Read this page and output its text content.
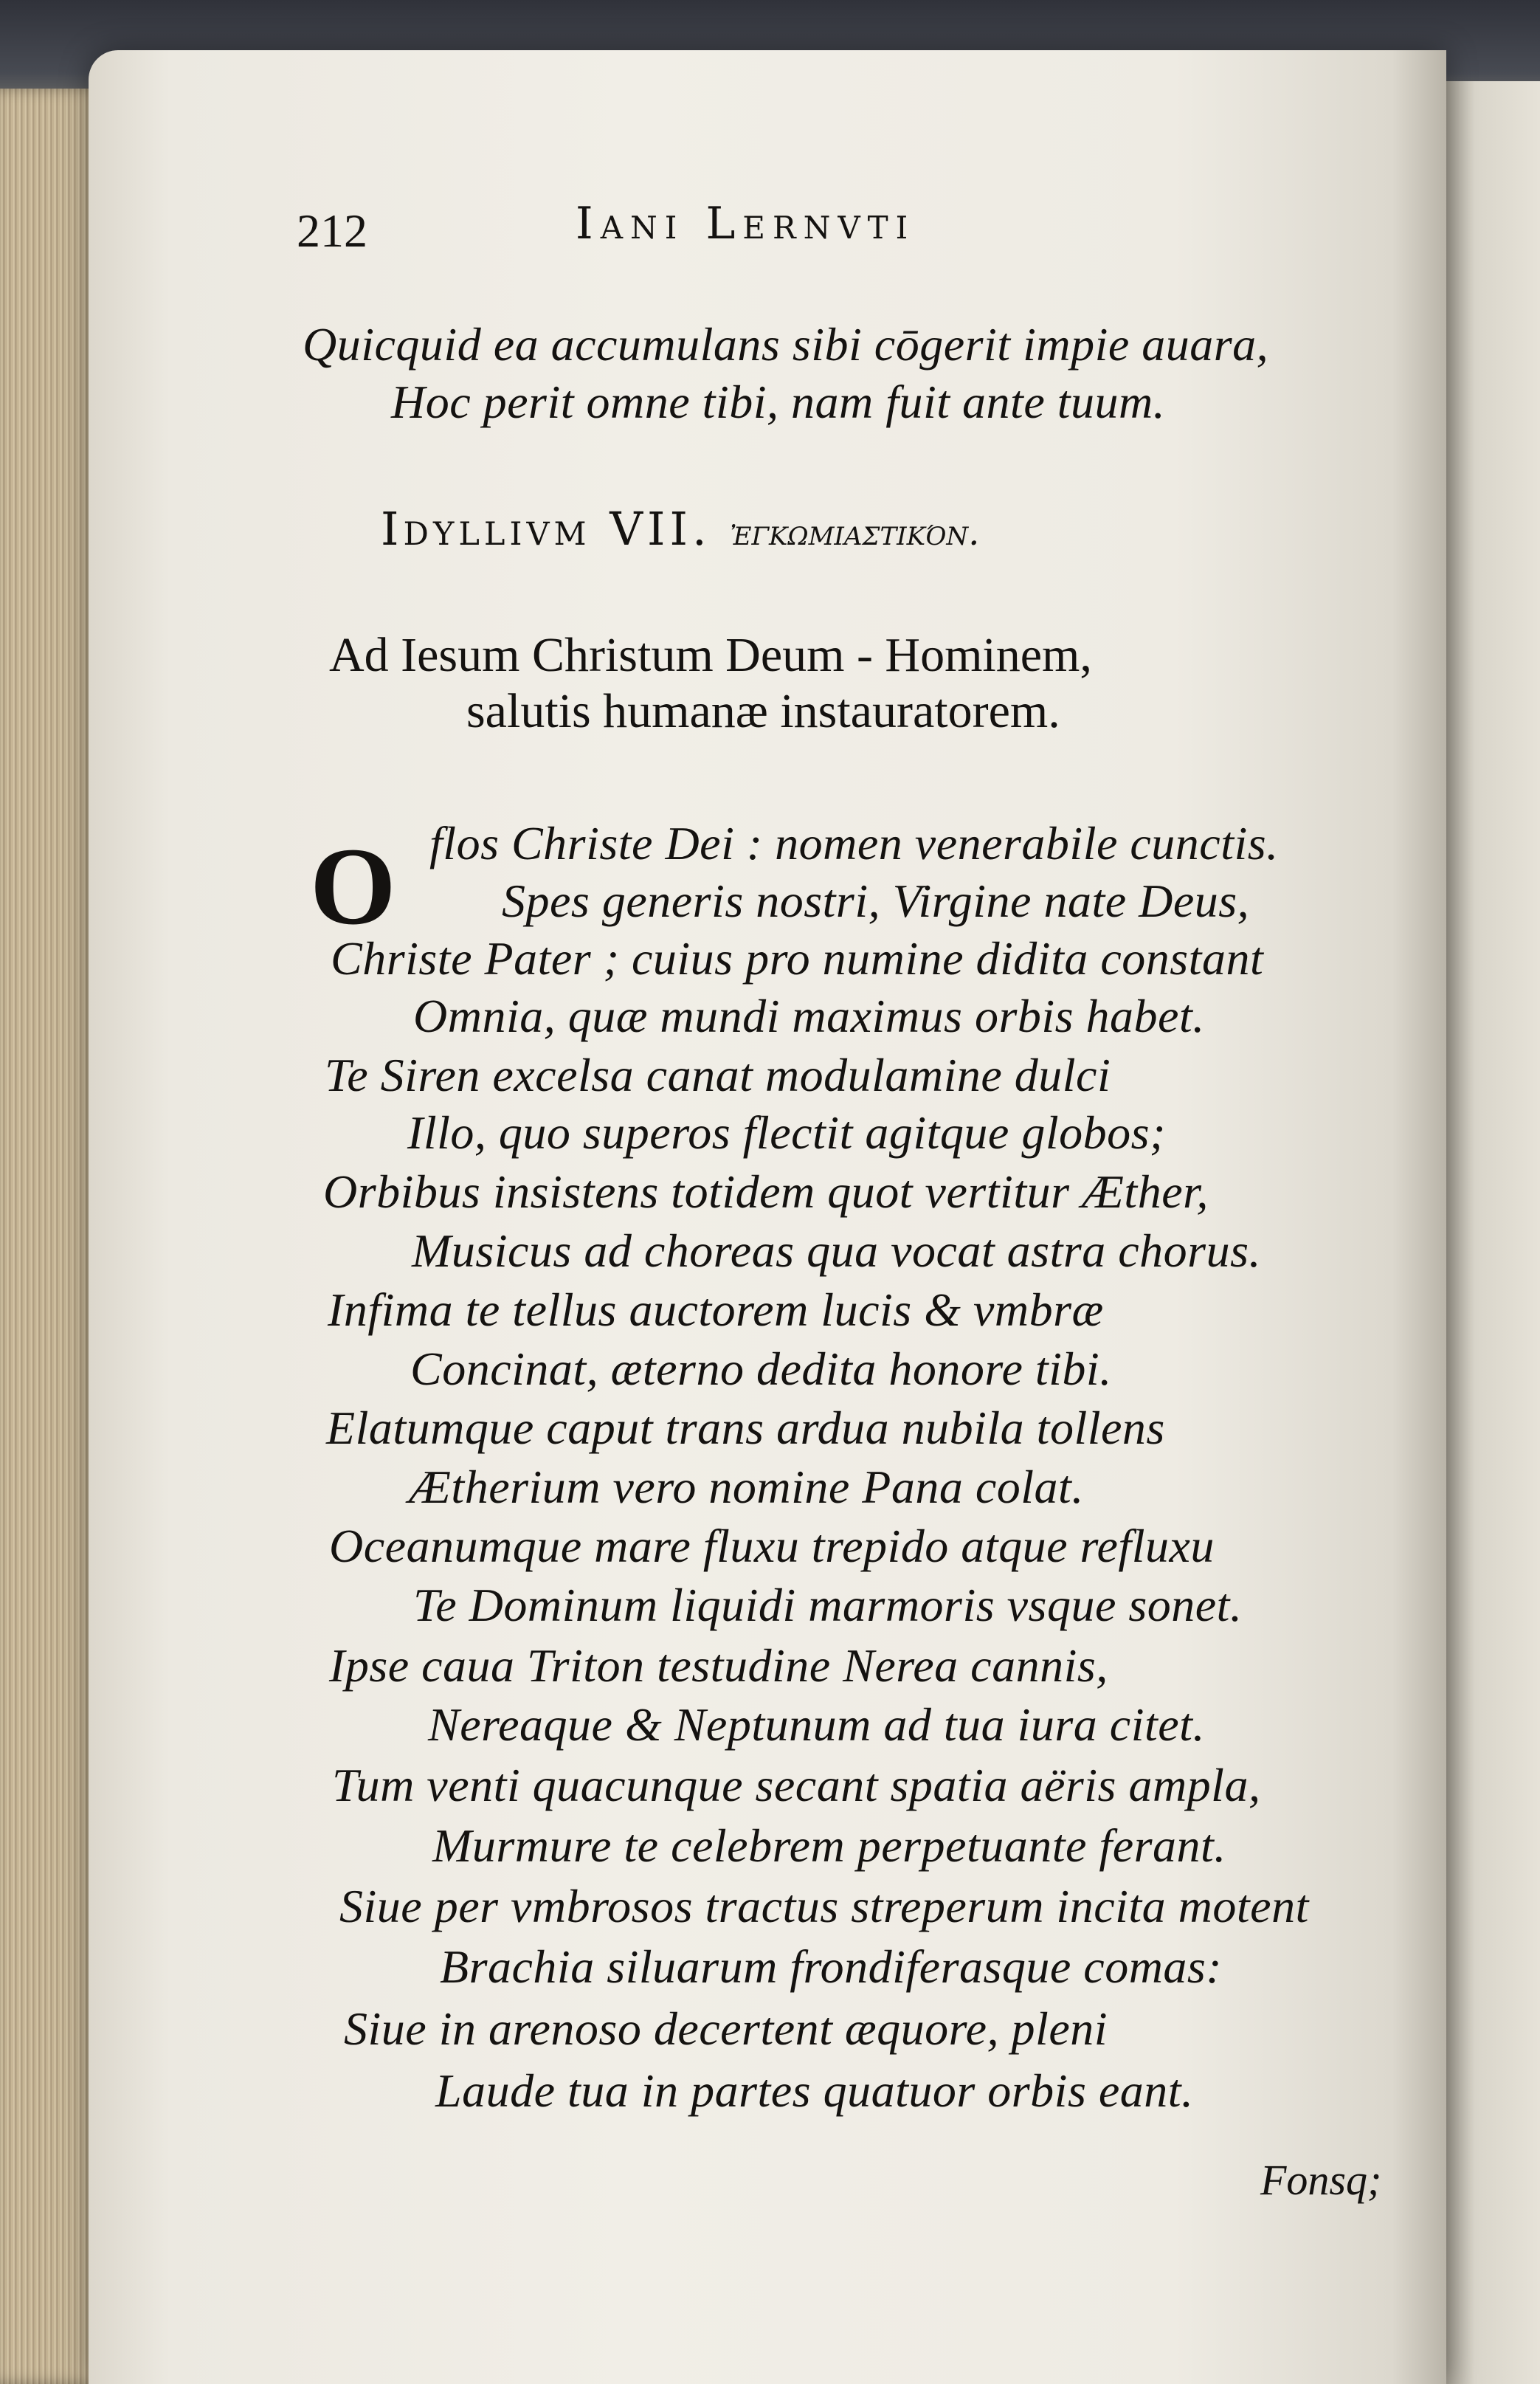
212	Iani Lernvti
Quicquid ea accumulans sibi cōgerit impie auara,
Hoc perit omne tibi, nam fuit ante tuum.
Idyllivm VII. ἐγκωμιαστικόν.
Ad Iesum Christum Deum - Hominem,
salutis humanæ instauratorem.
O flos Christe Dei : nomen venerabile cunctis.
Spes generis nostri, Virgine nate Deus,
Christe Pater ; cuius pro numine didita constant
Omnia, quæ mundi maximus orbis habet.
Te Siren excelsa canat modulamine dulci
Illo, quo superos flectit agitque globos;
Orbibus insistens totidem quot vertitur Æther,
Musicus ad choreas qua vocat astra chorus.
Infima te tellus auctorem lucis & vmbræ
Concinat, æterno dedita honore tibi.
Elatumque caput trans ardua nubila tollens
Ætherium vero nomine Pana colat.
Oceanumque mare fluxu trepido atque refluxu
Te Dominum liquidi marmoris vsque sonet.
Ipse caua Triton testudine Nerea cannis,
Nereaque & Neptunum ad tua iura citet.
Tum venti quacunque secant spatia aëris ampla,
Murmure te celebrem perpetuante ferant.
Siue per vmbrosos tractus streperum incita motent
Brachia siluarum frondiferasque comas:
Siue in arenoso decertent æquore, pleni
Laude tua in partes quatuor orbis eant.
Fonsq;
